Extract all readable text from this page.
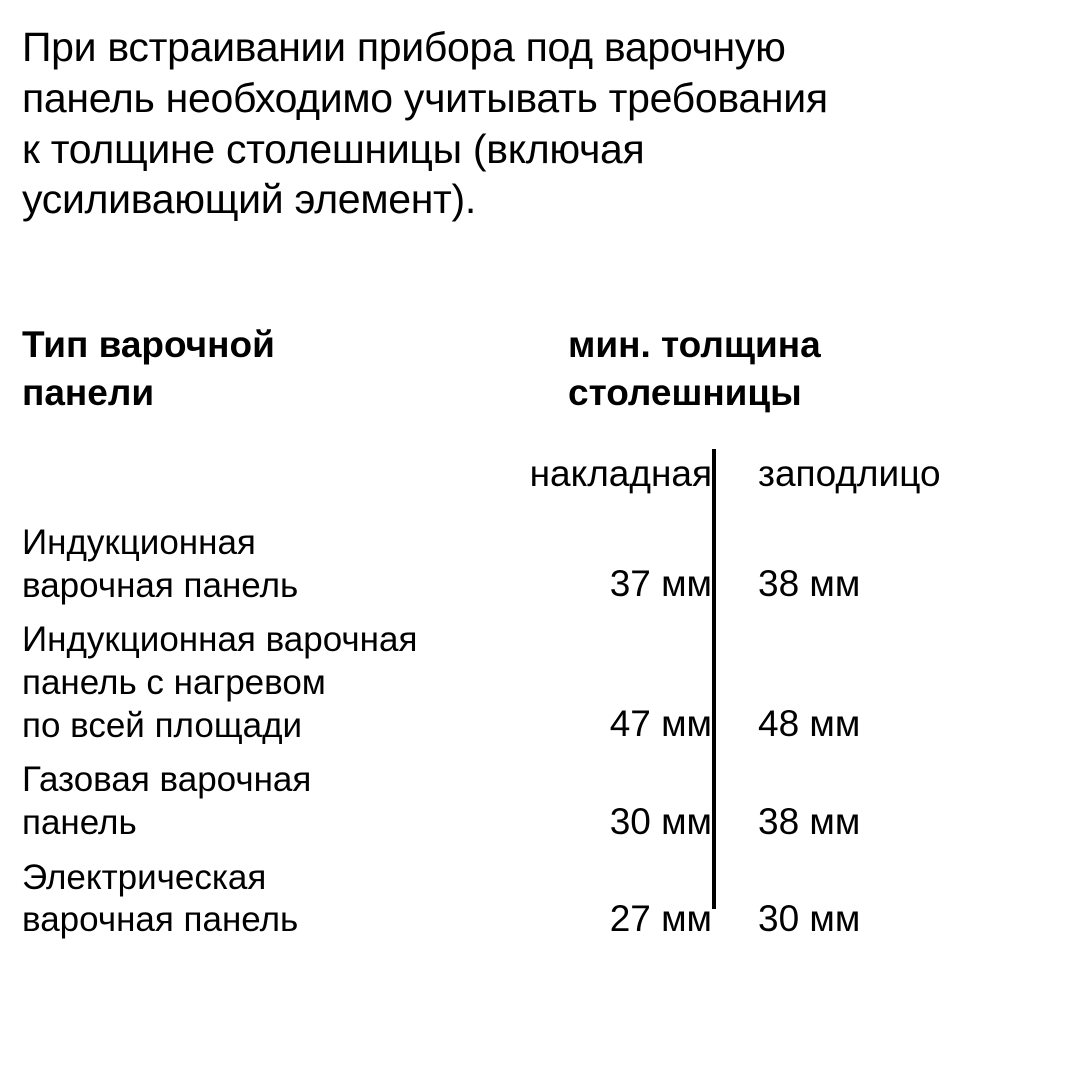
При встраивании прибора под варочную
панель необходимо учитывать требования
к толщине столешницы (включая
усиливающий элемент).

Тип варочной
панели
мин. толщина
столешницы
накладная	заподлицо
Индукционная
варочная панель	37 мм	38 мм
Индукционная варочная
панель с нагревом
по всей площади	47 мм	48 мм
Газовая варочная
панель	30 мм	38 мм
Электрическая
варочная панель	27 мм	30 мм
